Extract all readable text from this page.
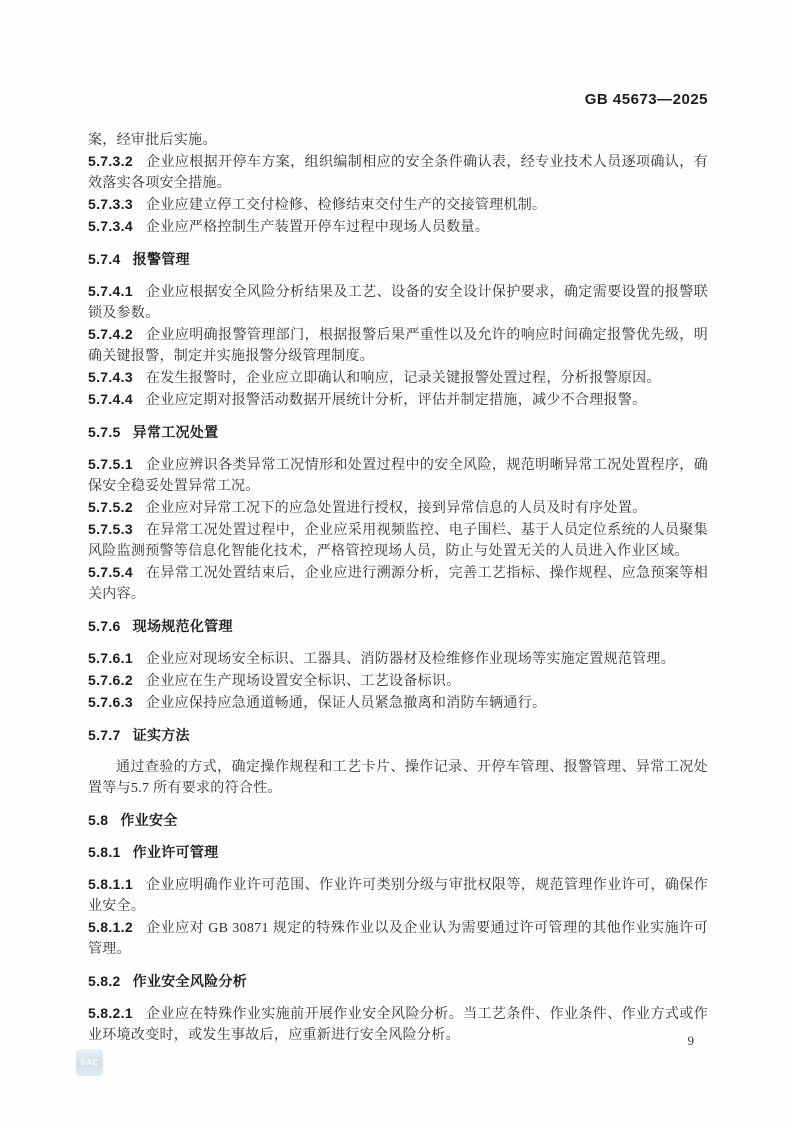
GB 45673—2025
案，经审批后实施。
5.7.3.2 企业应根据开停车方案，组织编制相应的安全条件确认表，经专业技术人员逐项确认，有效落实各项安全措施。
5.7.3.3 企业应建立停工交付检修、检修结束交付生产的交接管理机制。
5.7.3.4 企业应严格控制生产装置开停车过程中现场人员数量。
5.7.4 报警管理
5.7.4.1 企业应根据安全风险分析结果及工艺、设备的安全设计保护要求，确定需要设置的报警联锁及参数。
5.7.4.2 企业应明确报警管理部门，根据报警后果严重性以及允许的响应时间确定报警优先级，明确关键报警，制定并实施报警分级管理制度。
5.7.4.3 在发生报警时，企业应立即确认和响应，记录关键报警处置过程，分析报警原因。
5.7.4.4 企业应定期对报警活动数据开展统计分析，评估并制定措施，减少不合理报警。
5.7.5 异常工况处置
5.7.5.1 企业应辨识各类异常工况情形和处置过程中的安全风险，规范明晰异常工况处置程序，确保安全稳妥处置异常工况。
5.7.5.2 企业应对异常工况下的应急处置进行授权，接到异常信息的人员及时有序处置。
5.7.5.3 在异常工况处置过程中，企业应采用视频监控、电子围栏、基于人员定位系统的人员聚集风险监测预警等信息化智能化技术，严格管控现场人员，防止与处置无关的人员进入作业区域。
5.7.5.4 在异常工况处置结束后，企业应进行溯源分析，完善工艺指标、操作规程、应急预案等相关内容。
5.7.6 现场规范化管理
5.7.6.1 企业应对现场安全标识、工器具、消防器材及检维修作业现场等实施定置规范管理。
5.7.6.2 企业应在生产现场设置安全标识、工艺设备标识。
5.7.6.3 企业应保持应急通道畅通，保证人员紧急撤离和消防车辆通行。
5.7.7 证实方法
通过查验的方式，确定操作规程和工艺卡片、操作记录、开停车管理、报警管理、异常工况处置等与5.7 所有要求的符合性。
5.8 作业安全
5.8.1 作业许可管理
5.8.1.1 企业应明确作业许可范围、作业许可类别分级与审批权限等，规范管理作业许可，确保作业安全。
5.8.1.2 企业应对 GB 30871 规定的特殊作业以及企业认为需要通过许可管理的其他作业实施许可管理。
5.8.2 作业安全风险分析
5.8.2.1 企业应在特殊作业实施前开展作业安全风险分析。当工艺条件、作业条件、作业方式或作业环境改变时，或发生事故后，应重新进行安全风险分析。	9
SAC
